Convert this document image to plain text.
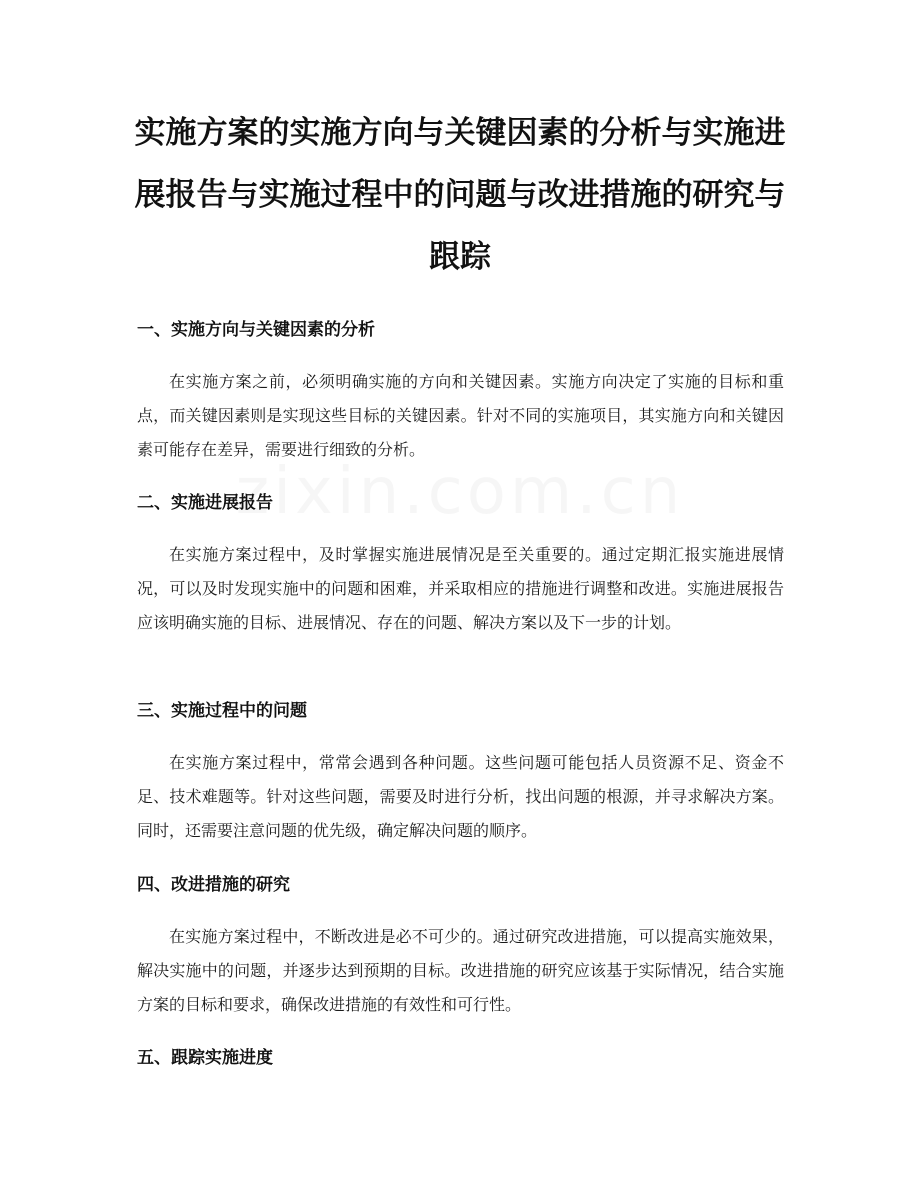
实施方案的实施方向与关键因素的分析与实施进展报告与实施过程中的问题与改进措施的研究与跟踪
一、实施方向与关键因素的分析

在实施方案之前，必须明确实施的方向和关键因素。实施方向决定了实施的目标和重点，而关键因素则是实现这些目标的关键因素。针对不同的实施项目，其实施方向和关键因素可能存在差异，需要进行细致的分析。

二、实施进展报告

在实施方案过程中，及时掌握实施进展情况是至关重要的。通过定期汇报实施进展情况，可以及时发现实施中的问题和困难，并采取相应的措施进行调整和改进。实施进展报告应该明确实施的目标、进展情况、存在的问题、解决方案以及下一步的计划。

三、实施过程中的问题

在实施方案过程中，常常会遇到各种问题。这些问题可能包括人员资源不足、资金不足、技术难题等。针对这些问题，需要及时进行分析，找出问题的根源，并寻求解决方案。同时，还需要注意问题的优先级，确定解决问题的顺序。

四、改进措施的研究

在实施方案过程中，不断改进是必不可少的。通过研究改进措施，可以提高实施效果，解决实施中的问题，并逐步达到预期的目标。改进措施的研究应该基于实际情况，结合实施方案的目标和要求，确保改进措施的有效性和可行性。

五、跟踪实施进度
